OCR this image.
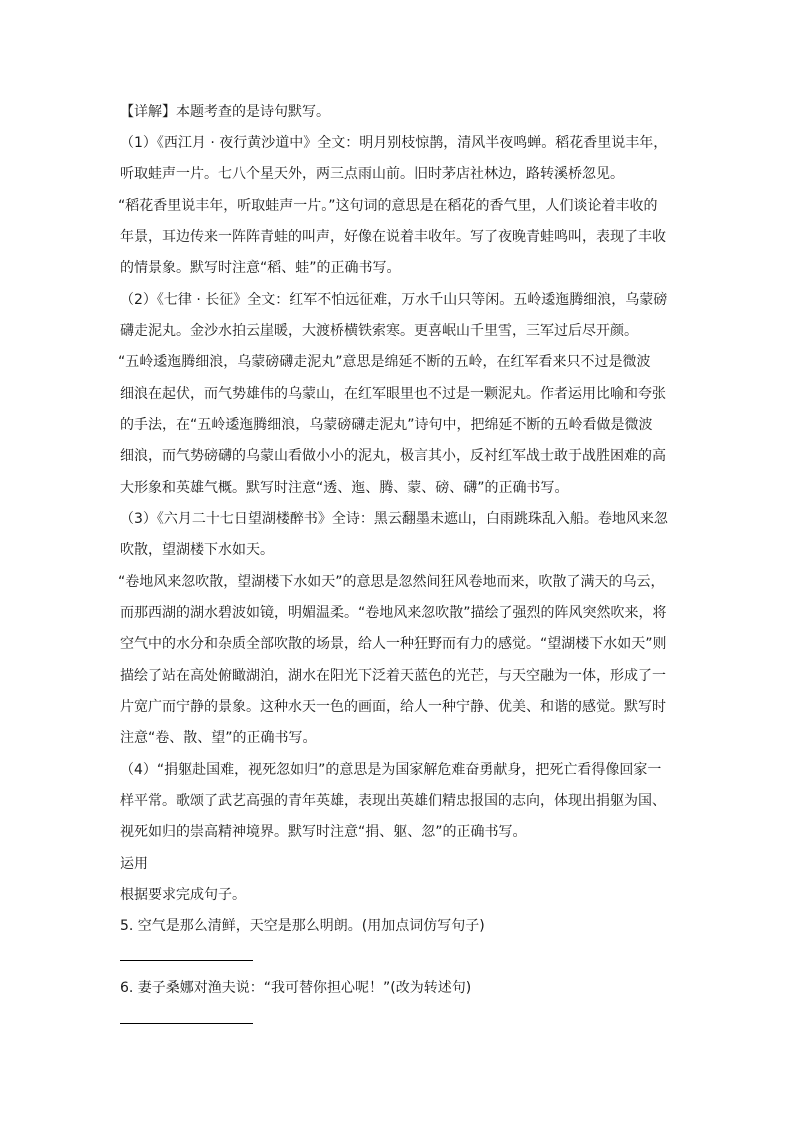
【详解】本题考查的是诗句默写。
（1）《西江月 · 夜行黄沙道中》全文：明月别枝惊鹊，清风半夜鸣蝉。稻花香里说丰年，
听取蛙声一片。七八个星天外，两三点雨山前。旧时茅店社林边，路转溪桥忽见。
“稻花香里说丰年，听取蛙声一片。”这句词的意思是在稻花的香气里，人们谈论着丰收的
年景，耳边传来一阵阵青蛙的叫声，好像在说着丰收年。写了夜晚青蛙鸣叫，表现了丰收
的情景象。默写时注意“稻、蛙”的正确书写。
（2）《七律 · 长征》全文：红军不怕远征难，万水千山只等闲。五岭逶迤腾细浪，乌蒙磅
礴走泥丸。金沙水拍云崖暖，大渡桥横铁索寒。更喜岷山千里雪，三军过后尽开颜。
“五岭逶迤腾细浪，乌蒙磅礴走泥丸”意思是绵延不断的五岭，在红军看来只不过是微波
细浪在起伏，而气势雄伟的乌蒙山，在红军眼里也不过是一颗泥丸。作者运用比喻和夸张
的手法，在“五岭逶迤腾细浪，乌蒙磅礴走泥丸”诗句中，把绵延不断的五岭看做是微波
细浪，而气势磅礴的乌蒙山看做小小的泥丸，极言其小，反衬红军战士敢于战胜困难的高
大形象和英雄气概。默写时注意“透、迤、腾、蒙、磅、礴”的正确书写。
（3）《六月二十七日望湖楼醉书》全诗：黑云翻墨未遮山，白雨跳珠乱入船。卷地风来忽
吹散，望湖楼下水如天。
“卷地风来忽吹散，望湖楼下水如天”的意思是忽然间狂风卷地而来，吹散了满天的乌云，
而那西湖的湖水碧波如镜，明媚温柔。“卷地风来忽吹散”描绘了强烈的阵风突然吹来，将
空气中的水分和杂质全部吹散的场景，给人一种狂野而有力的感觉。“望湖楼下水如天”则
描绘了站在高处俯瞰湖泊，湖水在阳光下泛着天蓝色的光芒，与天空融为一体，形成了一
片宽广而宁静的景象。这种水天一色的画面，给人一种宁静、优美、和谐的感觉。默写时
注意“卷、散、望”的正确书写。
（4）“捐躯赴国难，视死忽如归”的意思是为国家解危难奋勇献身，把死亡看得像回家一
样平常。歌颂了武艺高强的青年英雄，表现出英雄们精忠报国的志向，体现出捐躯为国、
视死如归的崇高精神境界。默写时注意“捐、躯、忽”的正确书写。
运用
根据要求完成句子。
5. 空气是那么清鲜，天空是那么明朗。(用加点词仿写句子)
6. 妻子桑娜对渔夫说：“我可替你担心呢！”(改为转述句)
